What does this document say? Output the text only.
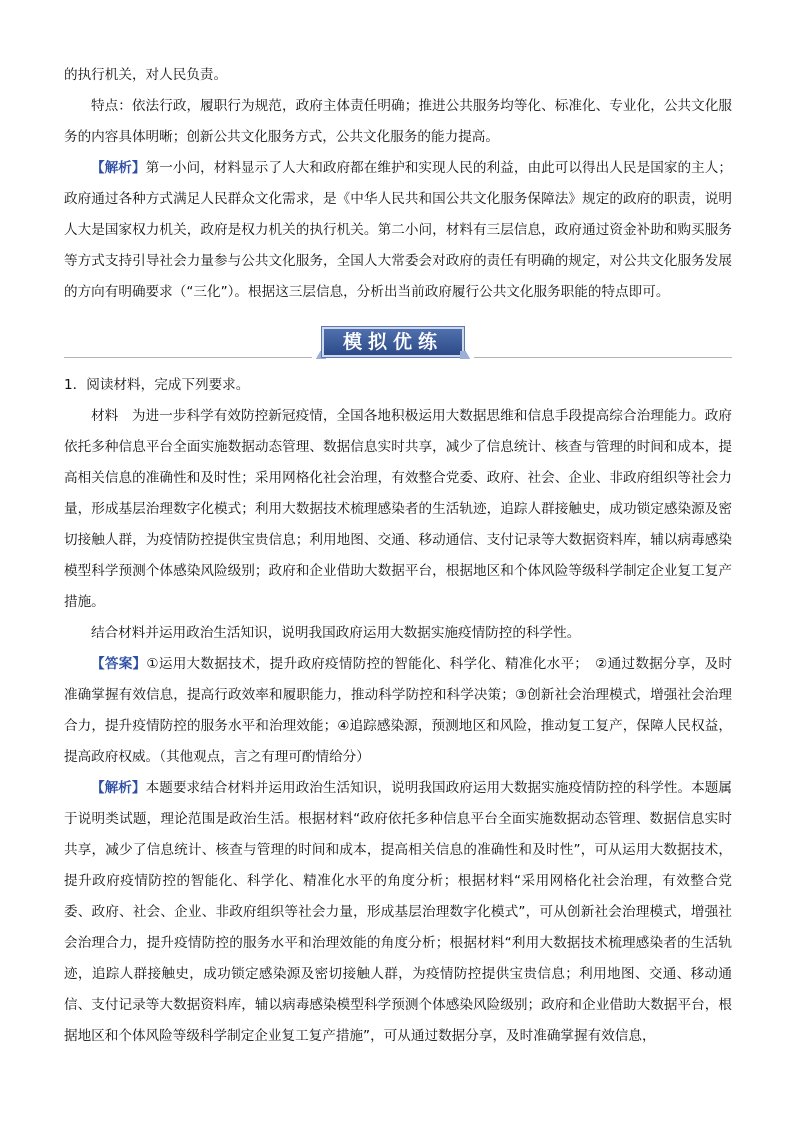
的执行机关，对人民负责。

特点：依法行政，履职行为规范，政府主体责任明确；推进公共服务均等化、标准化、专业化，公共文化服务的内容具体明晰；创新公共文化服务方式，公共文化服务的能力提高。

【解析】第一小问，材料显示了人大和政府都在维护和实现人民的利益，由此可以得出人民是国家的主人；政府通过各种方式满足人民群众文化需求，是《中华人民共和国公共文化服务保障法》规定的政府的职责，说明人大是国家权力机关，政府是权力机关的执行机关。第二小问，材料有三层信息，政府通过资金补助和购买服务等方式支持引导社会力量参与公共文化服务，全国人大常委会对政府的责任有明确的规定，对公共文化服务发展的方向有明确要求（“三化”）。根据这三层信息，分析出当前政府履行公共文化服务职能的特点即可。

模拟优练

1．阅读材料，完成下列要求。

材料　为进一步科学有效防控新冠疫情，全国各地积极运用大数据思维和信息手段提高综合治理能力。政府依托多种信息平台全面实施数据动态管理、数据信息实时共享，减少了信息统计、核查与管理的时间和成本，提高相关信息的准确性和及时性；采用网格化社会治理，有效整合党委、政府、社会、企业、非政府组织等社会力量，形成基层治理数字化模式；利用大数据技术梳理感染者的生活轨迹，追踪人群接触史，成功锁定感染源及密切接触人群，为疫情防控提供宝贵信息；利用地图、交通、移动通信、支付记录等大数据资料库，辅以病毒感染模型科学预测个体感染风险级别；政府和企业借助大数据平台，根据地区和个体风险等级科学制定企业复工复产措施。

结合材料并运用政治生活知识，说明我国政府运用大数据实施疫情防控的科学性。

【答案】①运用大数据技术，提升政府疫情防控的智能化、科学化、精准化水平；　②通过数据分享，及时准确掌握有效信息，提高行政效率和履职能力，推动科学防控和科学决策；③创新社会治理模式，增强社会治理合力，提升疫情防控的服务水平和治理效能；④追踪感染源，预测地区和风险，推动复工复产，保障人民权益，提高政府权威。（其他观点，言之有理可酌情给分）

【解析】本题要求结合材料并运用政治生活知识，说明我国政府运用大数据实施疫情防控的科学性。本题属于说明类试题，理论范围是政治生活。根据材料“政府依托多种信息平台全面实施数据动态管理、数据信息实时共享，减少了信息统计、核查与管理的时间和成本，提高相关信息的准确性和及时性”，可从运用大数据技术，提升政府疫情防控的智能化、科学化、精准化水平的角度分析；根据材料“采用网格化社会治理，有效整合党委、政府、社会、企业、非政府组织等社会力量，形成基层治理数字化模式”，可从创新社会治理模式，增强社会治理合力，提升疫情防控的服务水平和治理效能的角度分析；根据材料“利用大数据技术梳理感染者的生活轨迹，追踪人群接触史，成功锁定感染源及密切接触人群，为疫情防控提供宝贵信息；利用地图、交通、移动通信、支付记录等大数据资料库，辅以病毒感染模型科学预测个体感染风险级别；政府和企业借助大数据平台，根据地区和个体风险等级科学制定企业复工复产措施”，可从通过数据分享，及时准确掌握有效信息，
